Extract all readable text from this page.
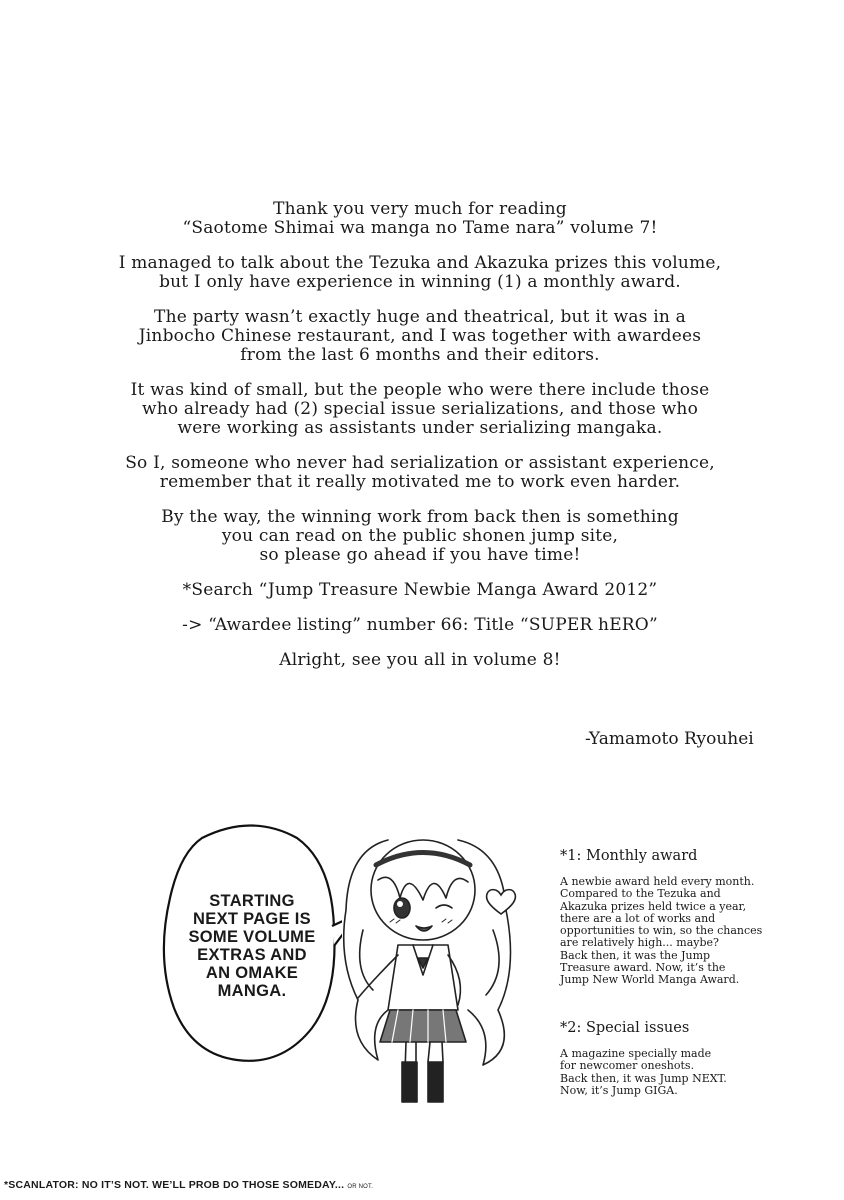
Thank you very much for reading
“Saotome Shimai wa manga no Tame nara” volume 7!

I managed to talk about the Tezuka and Akazuka prizes this volume,
but I only have experience in winning (1) a monthly award.

The party wasn’t exactly huge and theatrical, but it was in a
Jinbocho Chinese restaurant, and I was together with awardees
from the last 6 months and their editors.

It was kind of small, but the people who were there include those
who already had (2) special issue serializations, and those who
were working as assistants under serializing mangaka.

So I, someone who never had serialization or assistant experience,
remember that it really motivated me to work even harder.

By the way, the winning work from back then is something
you can read on the public shonen jump site,
so please go ahead if you have time!

*Search “Jump Treasure Newbie Manga Award 2012”

-> “Awardee listing” number 66: Title “SUPER hERO”

Alright, see you all in volume 8!

-Yamamoto Ryouhei
STARTING
NEXT PAGE IS
SOME VOLUME
EXTRAS AND
AN OMAKE
MANGA.
*1: Monthly award
A newbie award held every month.
Compared to the Tezuka and
Akazuka prizes held twice a year,
there are a lot of works and
opportunities to win, so the chances
are relatively high... maybe?
Back then, it was the Jump
Treasure award. Now, it’s the
Jump New World Manga Award.
*2: Special issues
A magazine specially made
for newcomer oneshots.
Back then, it was Jump NEXT.
Now, it’s Jump GIGA.
*SCANLATOR: NO IT’S NOT. WE’LL PROB DO THOSE SOMEDAY... OR NOT.
